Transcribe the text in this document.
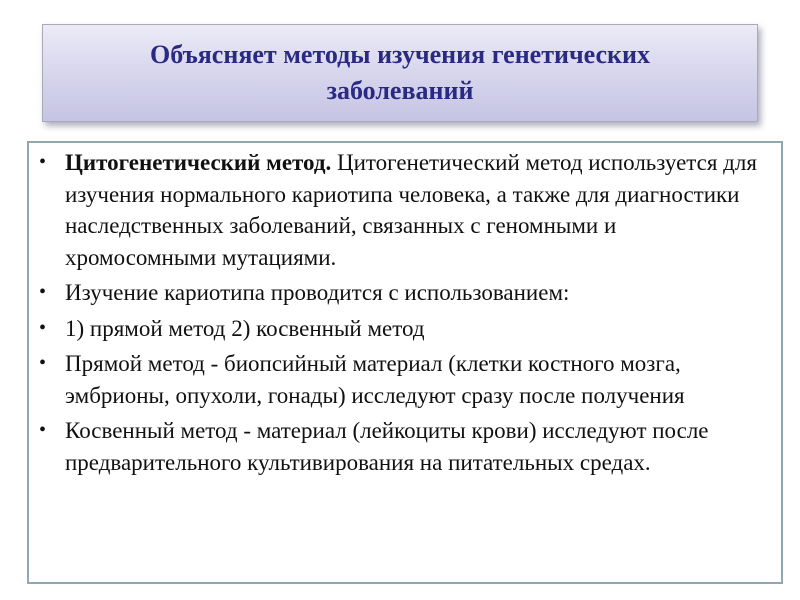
Объясняет методы изучения генетических заболеваний
• Цитогенетический метод. Цитогенетический метод используется для изучения нормального кариотипа человека, а также для диагностики наследственных заболеваний, связанных с геномными и хромосомными мутациями.
• Изучение кариотипа проводится с использованием:
• 1) прямой метод 2) косвенный метод
• Прямой метод - биопсийный материал (клетки костного мозга, эмбрионы, опухоли, гонады) исследуют сразу после получения
• Косвенный метод - материал (лейкоциты крови) исследуют после предварительного культивирования на питательных средах.
